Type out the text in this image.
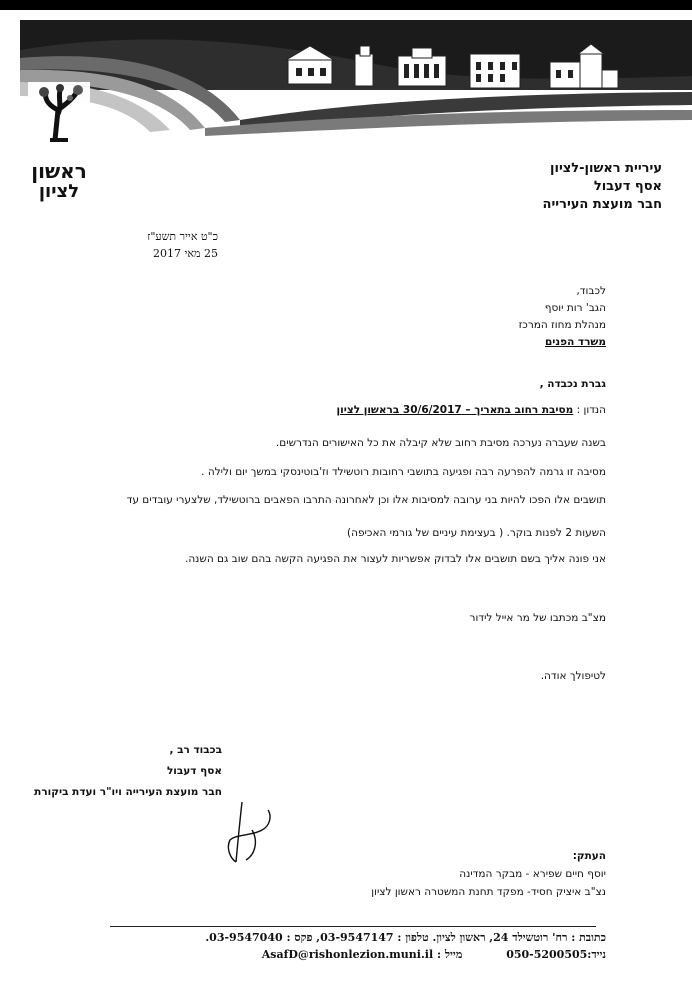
ראשון
לציון
עיריית ראשון-לציון
אסף דעבול
חבר מועצת העירייה
כ"ט אייר תשע"ז
25 מאי 2017
לכבוד,
הגב' רות יוסף
מנהלת מחוז המרכז
משרד הפנים
גברת נכבדה ,
הנדון : מסיבת רחוב בתאריך – 30/6/2017 בראשון לציון

בשנה שעברה נערכה מסיבת רחוב שלא קיבלה את כל האישורים הנדרשים.

מסיבה זו גרמה להפרעה רבה ופגיעה בתושבי רחובות רוטשילד וז'בוטינסקי במשך יום ולילה .

תושבים אלו הפכו להיות בני ערובה למסיבות אלו וכן לאחרונה התרבו הפאבים ברוטשילד, שלצערי עובדים עד

השעות 2 לפנות בוקר. ( בעצימת עיניים של גורמי האכיפה)

אני פונה אליך בשם תושבים אלו לבדוק אפשריות לעצור את הפגיעה הקשה בהם שוב גם השנה.

מצ"ב מכתבו של מר אייל לידור
לטיפולך אודה.
בכבוד רב ,
אסף דעבול
חבר מועצת העירייה ויו"ר ועדת ביקורת
העתק:
יוסף חיים שפירא - מבקר המדינה
נצ"ב איציק חסיד- מפקד תחנת המשטרה ראשון לציון
כתובת : רח' רוטשילד 24, ראשון לציון. טלפון : 03-9547147, פקס : 03-9547040.
נייד:050-5200505 מייל : AsafD@rishonlezion.muni.il
